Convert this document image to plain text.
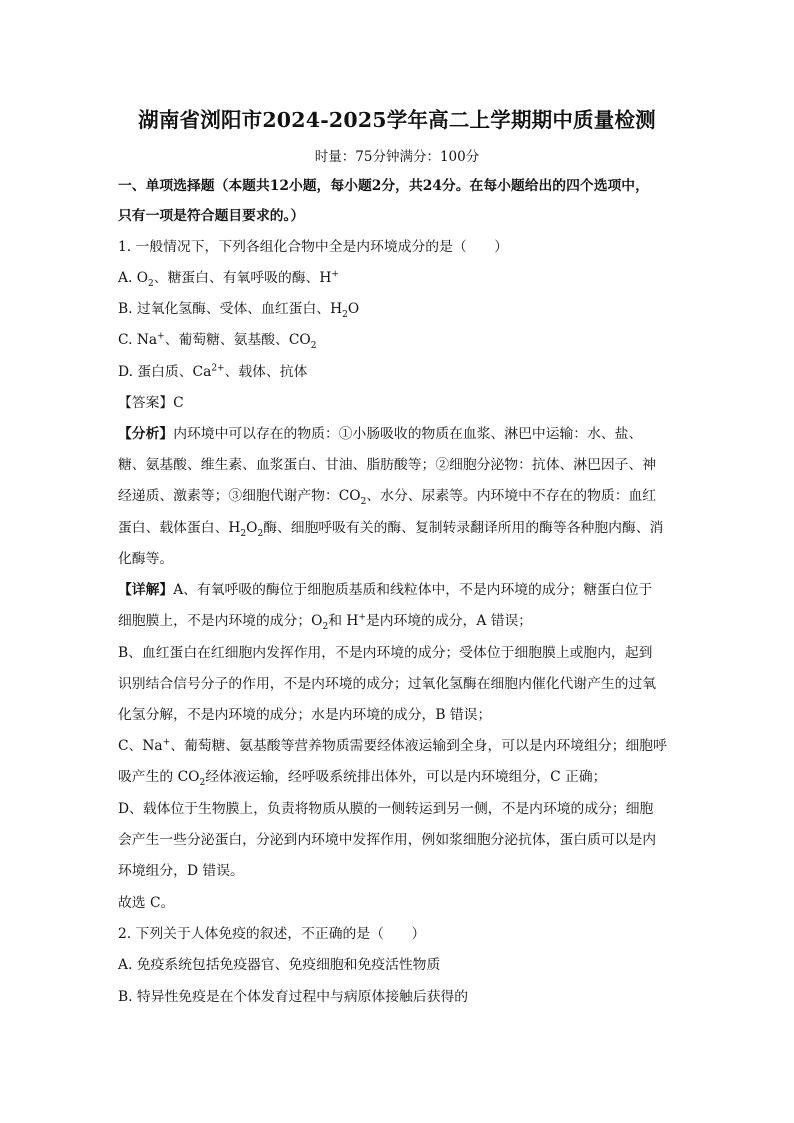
湖南省浏阳市2024-2025学年高二上学期期中质量检测
时量：75分钟满分：100分
一、单项选择题（本题共12小题，每小题2分，共24分。在每小题给出的四个选项中，
只有一项是符合题目要求的。）
1. 一般情况下，下列各组化合物中全是内环境成分的是（　　）
A. $O_2$、糖蛋白、有氧呼吸的酶、H+
B. 过氧化氢酶、受体、血红蛋白、$H_2O$
C. Na+、葡萄糖、氨基酸、$CO_2$
D. 蛋白质、$Ca^{2+}$、载体、抗体
【答案】C
【分析】内环境中可以存在的物质：①小肠吸收的物质在血浆、淋巴中运输：水、盐、
糖、氨基酸、维生素、血浆蛋白、甘油、脂肪酸等；②细胞分泌物：抗体、淋巴因子、神
经递质、激素等；③细胞代谢产物：$CO_2$、水分、尿素等。内环境中不存在的物质：血红
蛋白、载体蛋白、$H_2O_2$酶、细胞呼吸有关的酶、复制转录翻译所用的酶等各种胞内酶、消
化酶等。
【详解】A、有氧呼吸的酶位于细胞质基质和线粒体中，不是内环境的成分；糖蛋白位于
细胞膜上，不是内环境的成分；$O_2$和 H+是内环境的成分，A 错误；
B、血红蛋白在红细胞内发挥作用，不是内环境的成分；受体位于细胞膜上或胞内，起到
识别结合信号分子的作用，不是内环境的成分；过氧化氢酶在细胞内催化代谢产生的过氧
化氢分解，不是内环境的成分；水是内环境的成分，B 错误；
C、Na+、葡萄糖、氨基酸等营养物质需要经体液运输到全身，可以是内环境组分；细胞呼
吸产生的 $CO_2$经体液运输，经呼吸系统排出体外，可以是内环境组分，C 正确；
D、载体位于生物膜上，负责将物质从膜的一侧转运到另一侧，不是内环境的成分；细胞
会产生一些分泌蛋白，分泌到内环境中发挥作用，例如浆细胞分泌抗体，蛋白质可以是内
环境组分，D 错误。
故选 C。
2. 下列关于人体免疫的叙述，不正确的是（　　）
A. 免疫系统包括免疫器官、免疫细胞和免疫活性物质
B. 特异性免疫是在个体发育过程中与病原体接触后获得的
